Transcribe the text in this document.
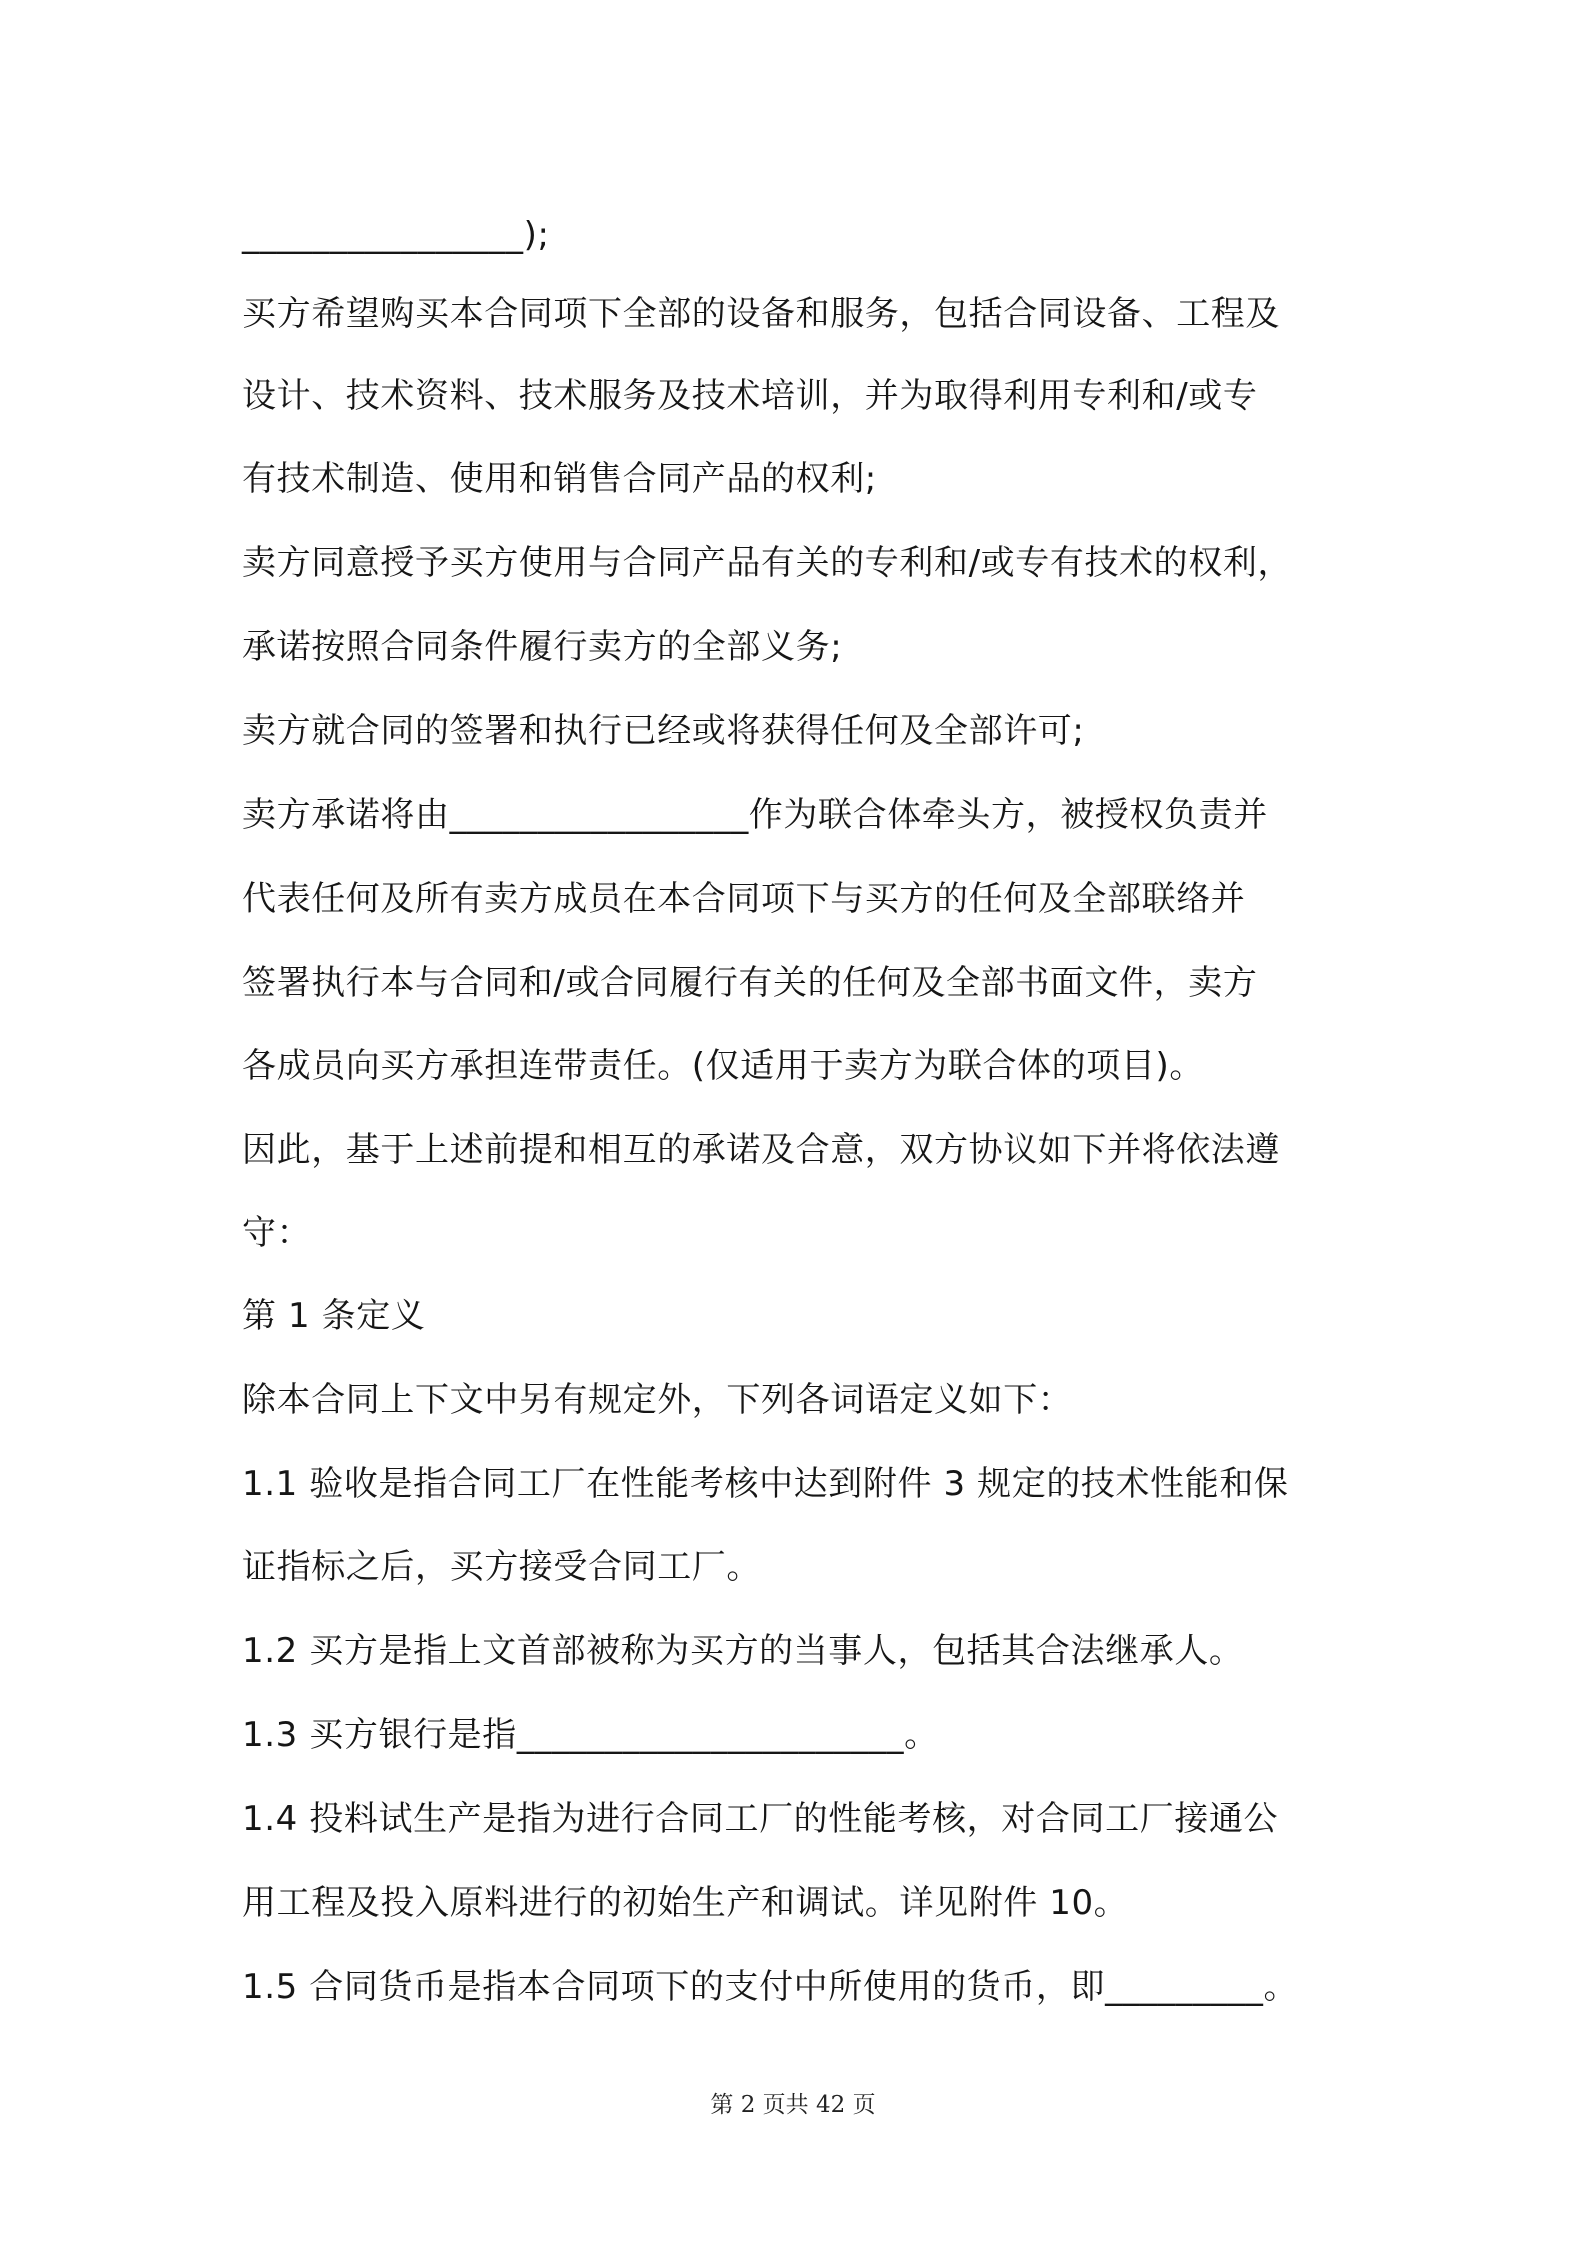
________________);
买方希望购买本合同项下全部的设备和服务，包括合同设备、工程及
设计、技术资料、技术服务及技术培训，并为取得利用专利和/或专
有技术制造、使用和销售合同产品的权利;
卖方同意授予买方使用与合同产品有关的专利和/或专有技术的权利，
承诺按照合同条件履行卖方的全部义务;
卖方就合同的签署和执行已经或将获得任何及全部许可;
卖方承诺将由_________________作为联合体牵头方，被授权负责并
代表任何及所有卖方成员在本合同项下与买方的任何及全部联络并
签署执行本与合同和/或合同履行有关的任何及全部书面文件，卖方
各成员向买方承担连带责任。(仅适用于卖方为联合体的项目)。
因此，基于上述前提和相互的承诺及合意，双方协议如下并将依法遵
守：
第 1 条定义
除本合同上下文中另有规定外，下列各词语定义如下：
1.1 验收是指合同工厂在性能考核中达到附件 3 规定的技术性能和保
证指标之后，买方接受合同工厂。
1.2 买方是指上文首部被称为买方的当事人，包括其合法继承人。
1.3 买方银行是指______________________。
1.4 投料试生产是指为进行合同工厂的性能考核，对合同工厂接通公
用工程及投入原料进行的初始生产和调试。详见附件 10。
1.5 合同货币是指本合同项下的支付中所使用的货币，即_________。
第 2 页共 42 页
